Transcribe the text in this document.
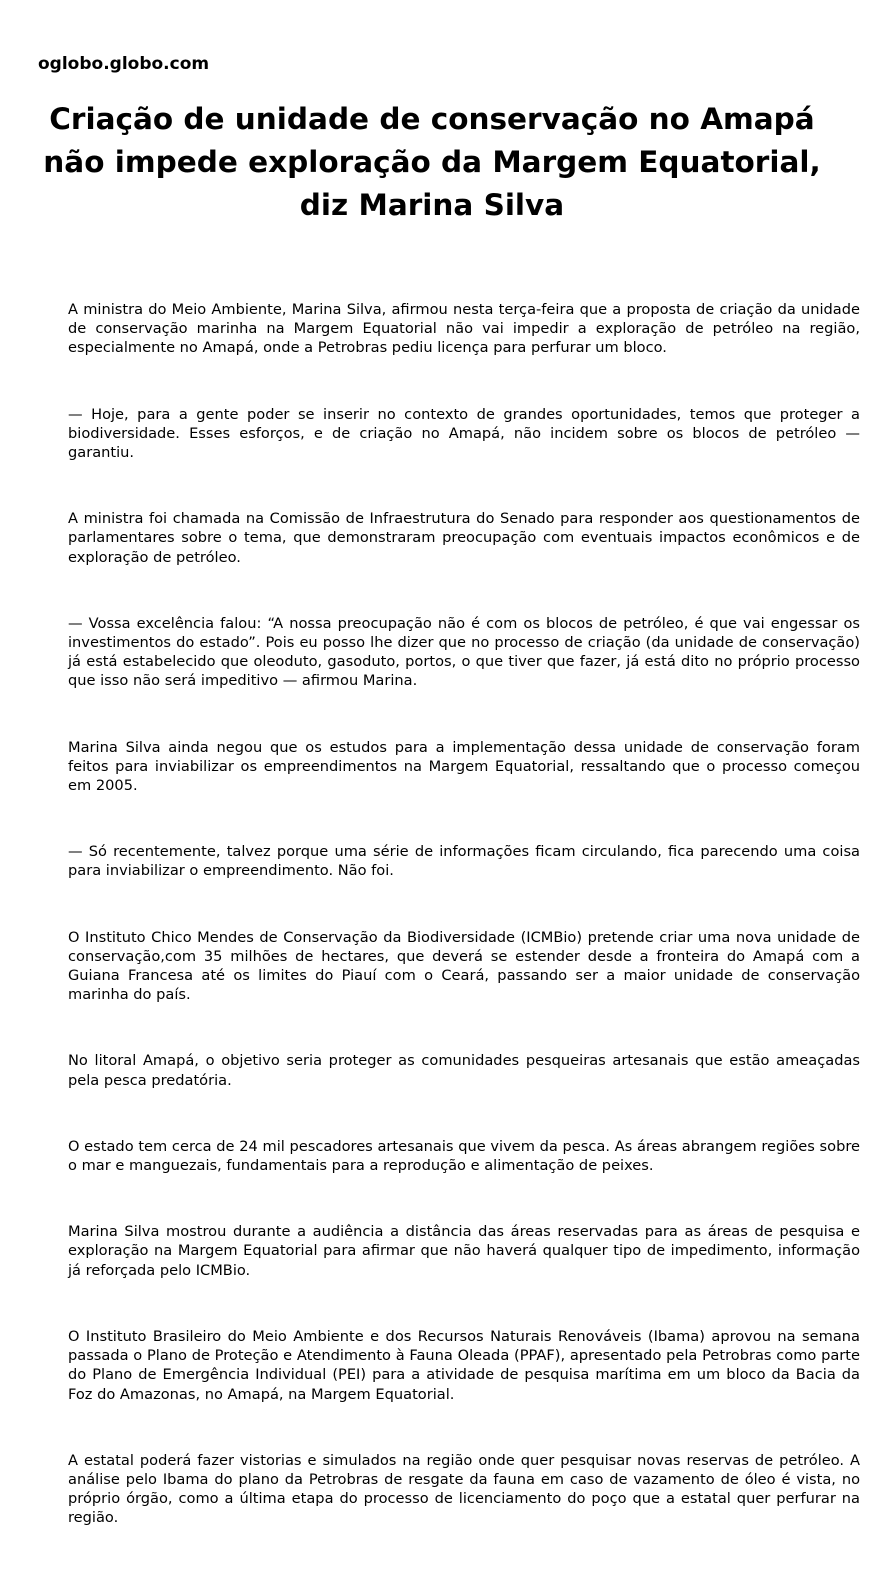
oglobo.globo.com
Criação de unidade de conservação no Amapá não impede exploração da Margem Equatorial, diz Marina Silva

A ministra do Meio Ambiente, Marina Silva, afirmou nesta terça-feira que a proposta de criação da unidade de conservação marinha na Margem Equatorial não vai impedir a exploração de petróleo na região, especialmente no Amapá, onde a Petrobras pediu licença para perfurar um bloco.

— Hoje, para a gente poder se inserir no contexto de grandes oportunidades, temos que proteger a biodiversidade. Esses esforços, e de criação no Amapá, não incidem sobre os blocos de petróleo — garantiu.

A ministra foi chamada na Comissão de Infraestrutura do Senado para responder aos questionamentos de parlamentares sobre o tema, que demonstraram preocupação com eventuais impactos econômicos e de exploração de petróleo.

— Vossa excelência falou: “A nossa preocupação não é com os blocos de petróleo, é que vai engessar os investimentos do estado”. Pois eu posso lhe dizer que no processo de criação (da unidade de conservação) já está estabelecido que oleoduto, gasoduto, portos, o que tiver que fazer, já está dito no próprio processo que isso não será impeditivo — afirmou Marina.

Marina Silva ainda negou que os estudos para a implementação dessa unidade de conservação foram feitos para inviabilizar os empreendimentos na Margem Equatorial, ressaltando que o processo começou em 2005.

— Só recentemente, talvez porque uma série de informações ficam circulando, fica parecendo uma coisa para inviabilizar o empreendimento. Não foi.

O Instituto Chico Mendes de Conservação da Biodiversidade (ICMBio) pretende criar uma nova unidade de conservação,com 35 milhões de hectares, que deverá se estender desde a fronteira do Amapá com a Guiana Francesa até os limites do Piauí com o Ceará, passando ser a maior unidade de conservação marinha do país.

No litoral Amapá, o objetivo seria proteger as comunidades pesqueiras artesanais que estão ameaçadas pela pesca predatória.

O estado tem cerca de 24 mil pescadores artesanais que vivem da pesca. As áreas abrangem regiões sobre o mar e manguezais, fundamentais para a reprodução e alimentação de peixes.

Marina Silva mostrou durante a audiência a distância das áreas reservadas para as áreas de pesquisa e exploração na Margem Equatorial para afirmar que não haverá qualquer tipo de impedimento, informação já reforçada pelo ICMBio.

O Instituto Brasileiro do Meio Ambiente e dos Recursos Naturais Renováveis (Ibama) aprovou na semana passada o Plano de Proteção e Atendimento à Fauna Oleada (PPAF), apresentado pela Petrobras como parte do Plano de Emergência Individual (PEI) para a atividade de pesquisa marítima em um bloco da Bacia da Foz do Amazonas, no Amapá, na Margem Equatorial.

A estatal poderá fazer vistorias e simulados na região onde quer pesquisar novas reservas de petróleo. A análise pelo Ibama do plano da Petrobras de resgate da fauna em caso de vazamento de óleo é vista, no próprio órgão, como a última etapa do processo de licenciamento do poço que a estatal quer perfurar na região.
